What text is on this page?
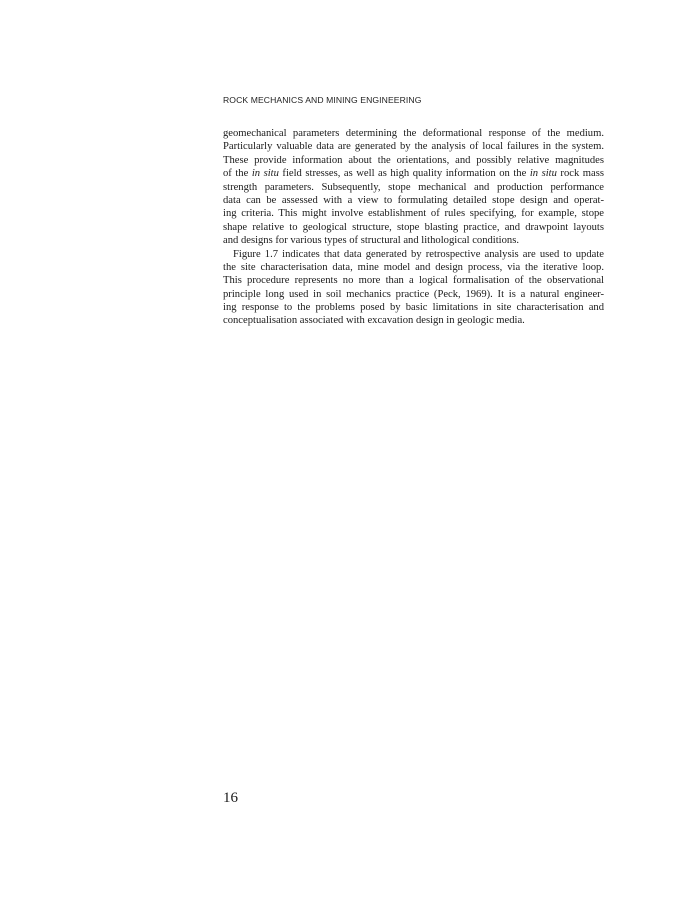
ROCK MECHANICS AND MINING ENGINEERING
geomechanical parameters determining the deformational response of the medium.
Particularly valuable data are generated by the analysis of local failures in the system.
These provide information about the orientations, and possibly relative magnitudes
of the in situ field stresses, as well as high quality information on the in situ rock mass
strength parameters. Subsequently, stope mechanical and production performance
data can be assessed with a view to formulating detailed stope design and operat-
ing criteria. This might involve establishment of rules specifying, for example, stope
shape relative to geological structure, stope blasting practice, and drawpoint layouts
and designs for various types of structural and lithological conditions.
Figure 1.7 indicates that data generated by retrospective analysis are used to update
the site characterisation data, mine model and design process, via the iterative loop.
This procedure represents no more than a logical formalisation of the observational
principle long used in soil mechanics practice (Peck, 1969). It is a natural engineer-
ing response to the problems posed by basic limitations in site characterisation and
conceptualisation associated with excavation design in geologic media.
16
